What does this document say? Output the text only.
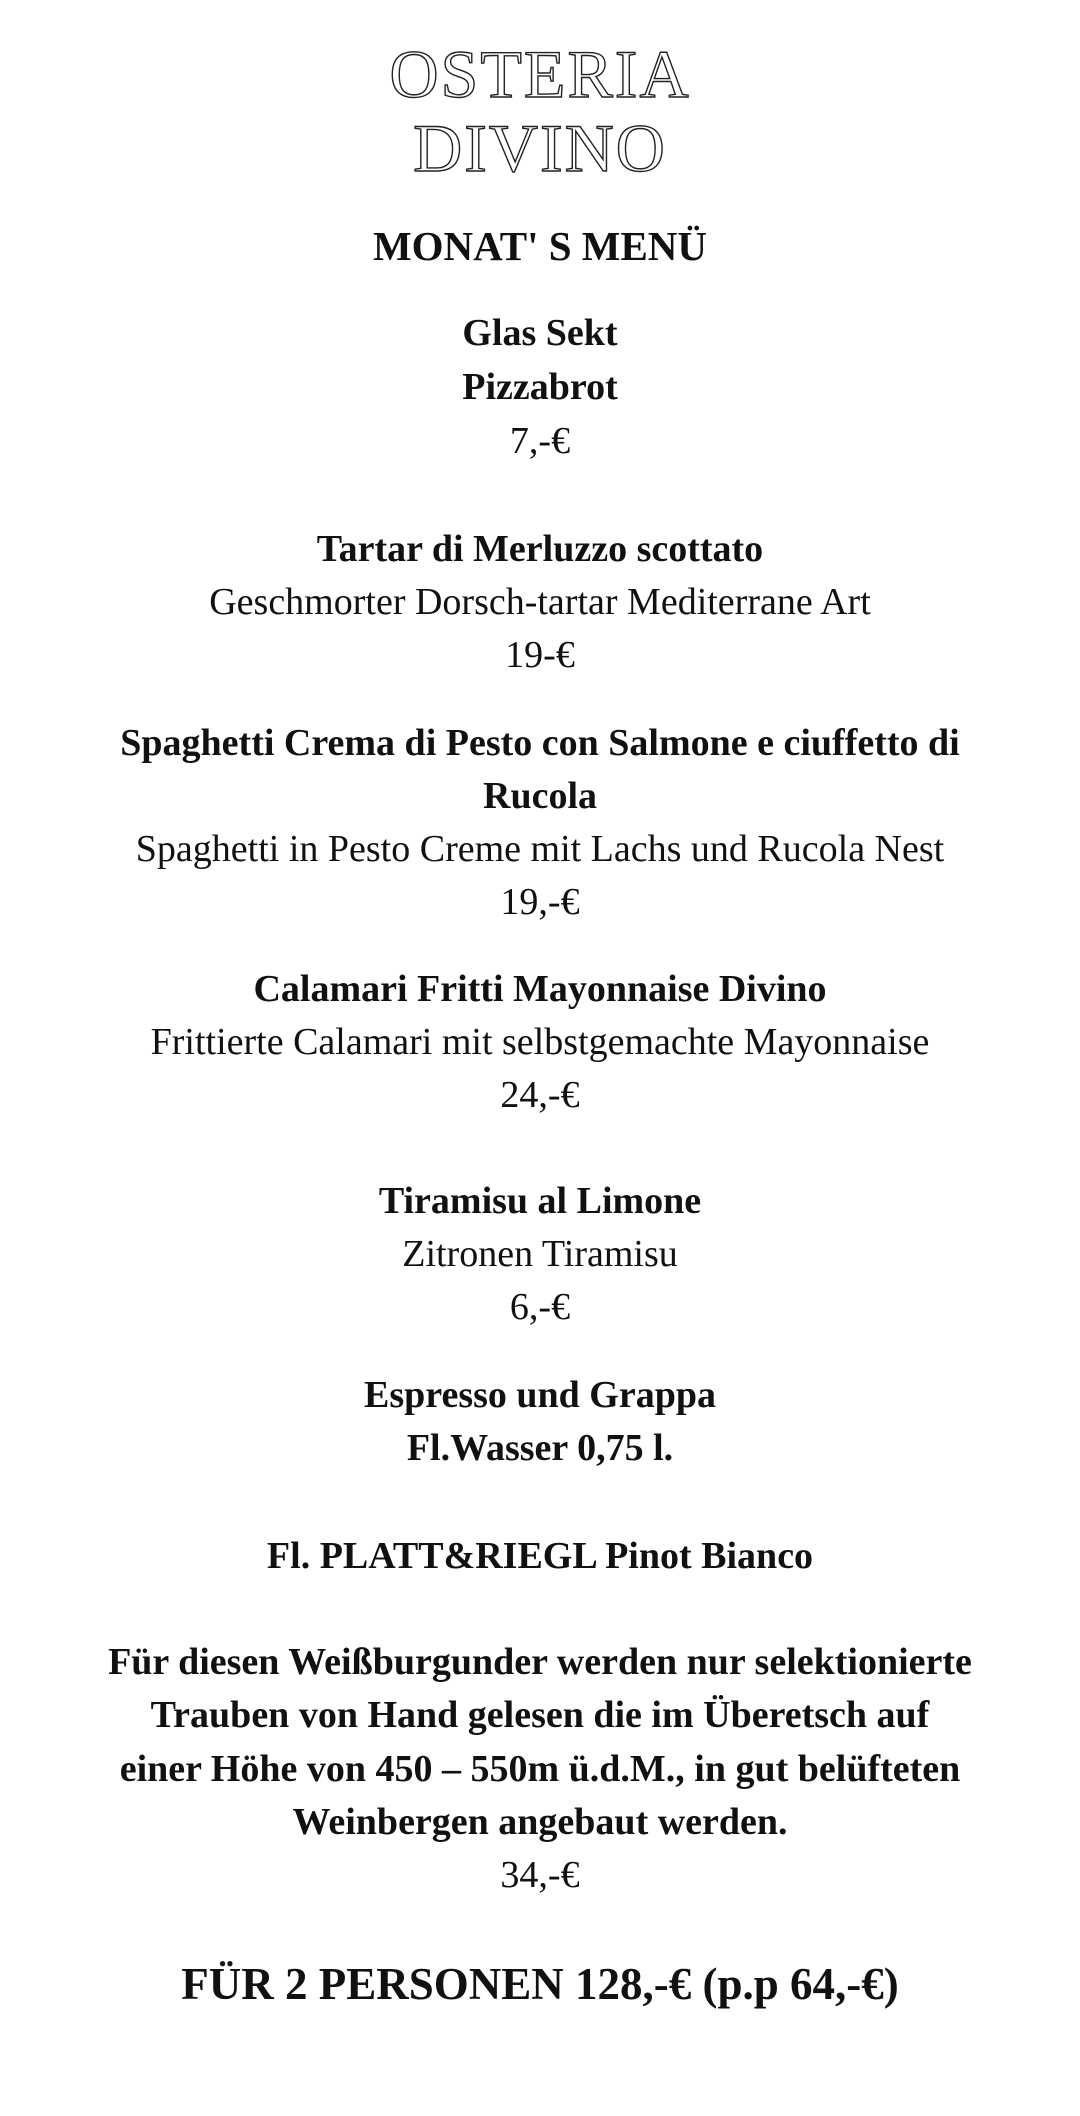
OSTERIA
DIVINO
MONAT' S MENÜ
Glas Sekt
Pizzabrot
7,-€
Tartar di Merluzzo scottato
Geschmorter Dorsch-tartar Mediterrane Art
19-€
Spaghetti Crema di Pesto con Salmone e ciuffetto di
Rucola
Spaghetti in Pesto Creme mit Lachs und Rucola Nest
19,-€
Calamari Fritti Mayonnaise Divino
Frittierte Calamari mit selbstgemachte Mayonnaise
24,-€
Tiramisu al Limone
Zitronen Tiramisu
6,-€
Espresso und Grappa
Fl.Wasser 0,75 l.
Fl. PLATT&RIEGL Pinot Bianco
Für diesen Weißburgunder werden nur selektionierte
Trauben von Hand gelesen die im Überetsch auf
einer Höhe von 450 – 550m ü.d.M., in gut belüfteten
Weinbergen angebaut werden.
34,-€
FÜR 2 PERSONEN 128,-€ (p.p 64,-€)
